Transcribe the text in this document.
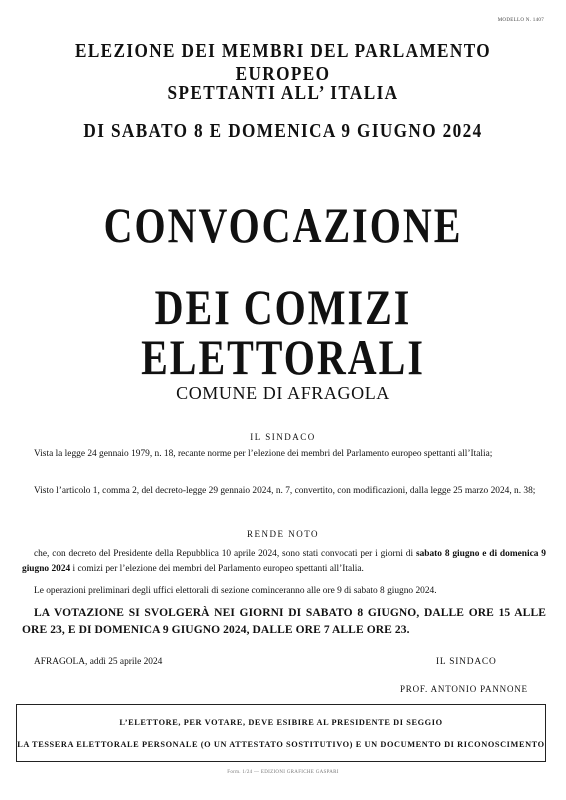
MODELLO N. 1407
ELEZIONE DEI MEMBRI DEL PARLAMENTO EUROPEO
SPETTANTI ALL’ ITALIA
DI SABATO 8 E DOMENICA 9 GIUGNO 2024
CONVOCAZIONE
DEI COMIZI ELETTORALI
COMUNE DI AFRAGOLA
IL SINDACO
Vista la legge 24 gennaio 1979, n. 18, recante norme per l’elezione dei membri del Parlamento europeo spettanti all’Italia;
Visto l’articolo 1, comma 2, del decreto-legge 29 gennaio 2024, n. 7, convertito, con modificazioni, dalla legge 25 marzo 2024, n. 38;
RENDE NOTO
che, con decreto del Presidente della Repubblica 10 aprile 2024, sono stati convocati per i giorni di sabato 8 giugno e di domenica 9 giugno 2024 i comizi per l’elezione dei membri del Parlamento europeo spettanti all’Italia.
Le operazioni preliminari degli uffici elettorali di sezione cominceranno alle ore 9 di sabato 8 giugno 2024.
LA VOTAZIONE SI SVOLGERÀ NEI GIORNI DI SABATO 8 GIUGNO, DALLE ORE 15 ALLE ORE 23, E DI DOMENICA 9 GIUGNO 2024, DALLE ORE 7 ALLE ORE 23.
AFRAGOLA, addì 25 aprile 2024	IL SINDACO
PROF. ANTONIO PANNONE
L’ELETTORE, PER VOTARE, DEVE ESIBIRE AL PRESIDENTE DI SEGGIO
LA TESSERA ELETTORALE PERSONALE (O UN ATTESTATO SOSTITUTIVO) E UN DOCUMENTO DI RICONOSCIMENTO
Form. 1/24 — EDIZIONI GRAFICHE GASPARI
